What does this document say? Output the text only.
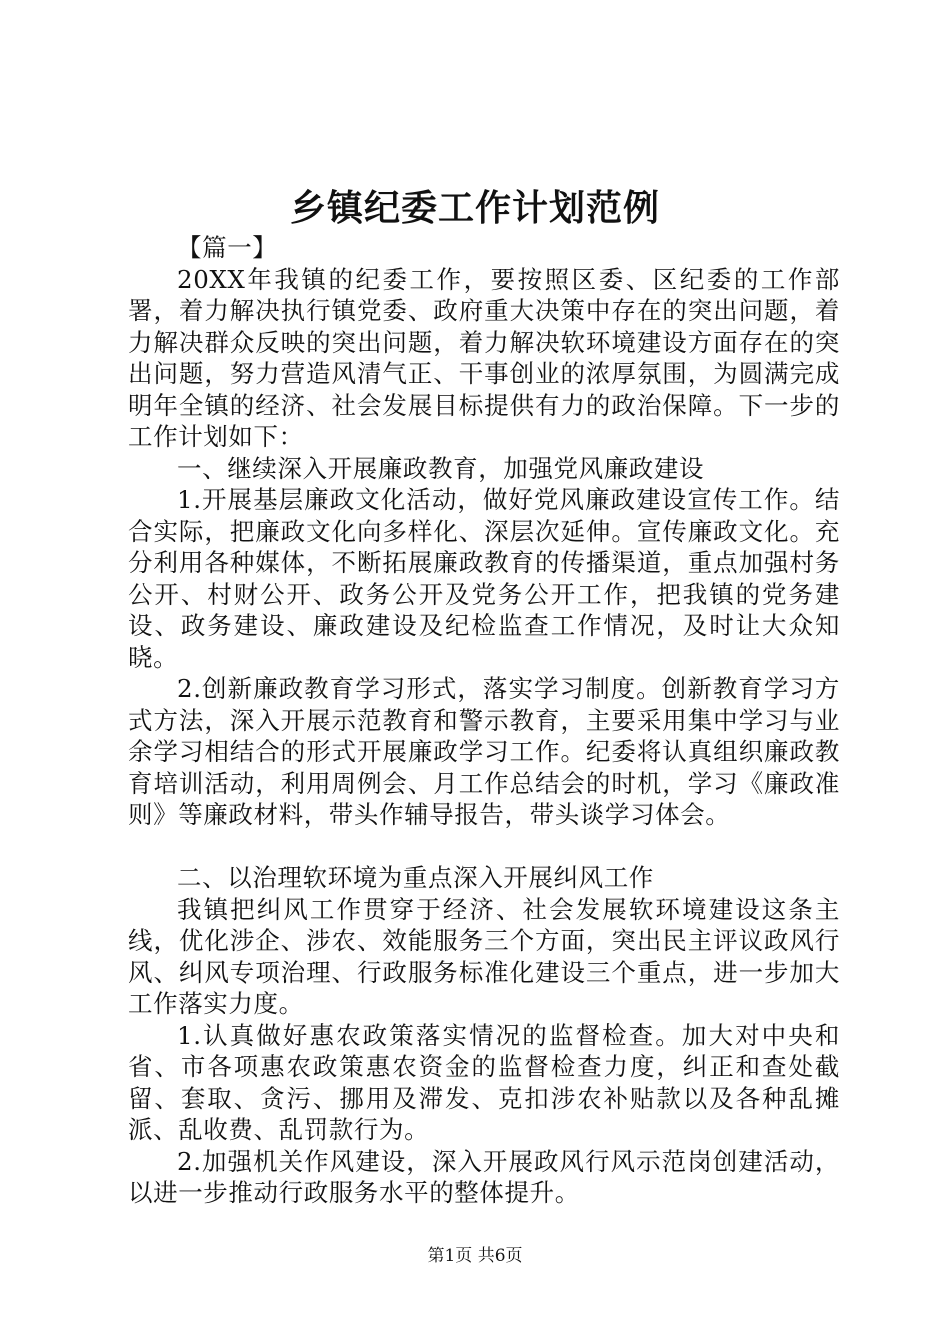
乡镇纪委工作计划范例

【篇一】

20XX年我镇的纪委工作，要按照区委、区纪委的工作部署，着力解决执行镇党委、政府重大决策中存在的突出问题，着力解决群众反映的突出问题，着力解决软环境建设方面存在的突出问题，努力营造风清气正、干事创业的浓厚氛围，为圆满完成明年全镇的经济、社会发展目标提供有力的政治保障。下一步的工作计划如下：

一、继续深入开展廉政教育，加强党风廉政建设

1.开展基层廉政文化活动，做好党风廉政建设宣传工作。结合实际，把廉政文化向多样化、深层次延伸。宣传廉政文化。充分利用各种媒体，不断拓展廉政教育的传播渠道，重点加强村务公开、村财公开、政务公开及党务公开工作，把我镇的党务建设、政务建设、廉政建设及纪检监查工作情况，及时让大众知晓。

2.创新廉政教育学习形式，落实学习制度。创新教育学习方式方法，深入开展示范教育和警示教育，主要采用集中学习与业余学习相结合的形式开展廉政学习工作。纪委将认真组织廉政教育培训活动，利用周例会、月工作总结会的时机，学习《廉政准则》等廉政材料，带头作辅导报告，带头谈学习体会。

二、以治理软环境为重点深入开展纠风工作

我镇把纠风工作贯穿于经济、社会发展软环境建设这条主线，优化涉企、涉农、效能服务三个方面，突出民主评议政风行风、纠风专项治理、行政服务标准化建设三个重点，进一步加大工作落实力度。

1.认真做好惠农政策落实情况的监督检查。加大对中央和省、市各项惠农政策惠农资金的监督检查力度，纠正和查处截留、套取、贪污、挪用及滞发、克扣涉农补贴款以及各种乱摊派、乱收费、乱罚款行为。

2.加强机关作风建设，深入开展政风行风示范岗创建活动，以进一步推动行政服务水平的整体提升。

第1页 共6页
